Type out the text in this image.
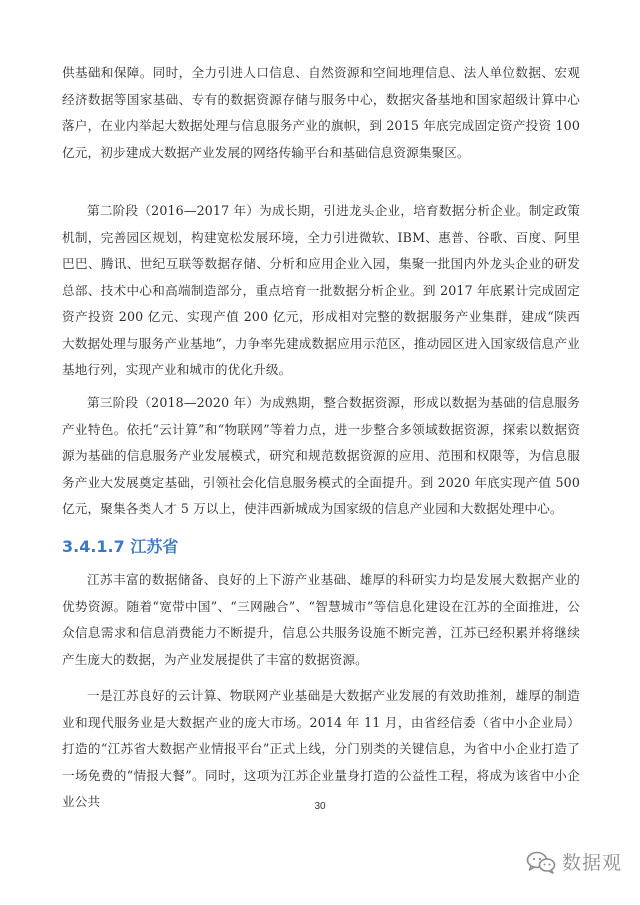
供基础和保障。同时，全力引进人口信息、自然资源和空间地理信息、法人单位数据、宏观经济数据等国家基础、专有的数据资源存储与服务中心，数据灾备基地和国家超级计算中心落户，在业内举起大数据处理与信息服务产业的旗帜，到 2015 年底完成固定资产投资 100 亿元，初步建成大数据产业发展的网络传输平台和基础信息资源集聚区。

第二阶段（2016—2017 年）为成长期，引进龙头企业，培育数据分析企业。制定政策机制，完善园区规划，构建宽松发展环境，全力引进微软、IBM、惠普、谷歌、百度、阿里巴巴、腾讯、世纪互联等数据存储、分析和应用企业入园，集聚一批国内外龙头企业的研发总部、技术中心和高端制造部分，重点培育一批数据分析企业。到 2017 年底累计完成固定资产投资 200 亿元、实现产值 200 亿元，形成相对完整的数据服务产业集群，建成“陕西大数据处理与服务产业基地”，力争率先建成数据应用示范区，推动园区进入国家级信息产业基地行列，实现产业和城市的优化升级。

第三阶段（2018—2020 年）为成熟期，整合数据资源，形成以数据为基础的信息服务产业特色。依托“云计算”和“物联网”等着力点，进一步整合多领域数据资源，探索以数据资源为基础的信息服务产业发展模式，研究和规范数据资源的应用、范围和权限等，为信息服务产业大发展奠定基础，引领社会化信息服务模式的全面提升。到 2020 年底实现产值 500 亿元，聚集各类人才 5 万以上，使沣西新城成为国家级的信息产业园和大数据处理中心。

3.4.1.7 江苏省

江苏丰富的数据储备、良好的上下游产业基础、雄厚的科研实力均是发展大数据产业的优势资源。随着“宽带中国”、“三网融合”、“智慧城市”等信息化建设在江苏的全面推进，公众信息需求和信息消费能力不断提升，信息公共服务设施不断完善，江苏已经积累并将继续产生庞大的数据，为产业发展提供了丰富的数据资源。

一是江苏良好的云计算、物联网产业基础是大数据产业发展的有效助推剂，雄厚的制造业和现代服务业是大数据产业的庞大市场。2014 年 11 月，由省经信委（省中小企业局）打造的“江苏省大数据产业情报平台”正式上线，分门别类的关键信息，为省中小企业打造了一场免费的“情报大餐”。同时，这项为江苏企业量身打造的公益性工程，将成为该省中小企业公共	30
数据观
